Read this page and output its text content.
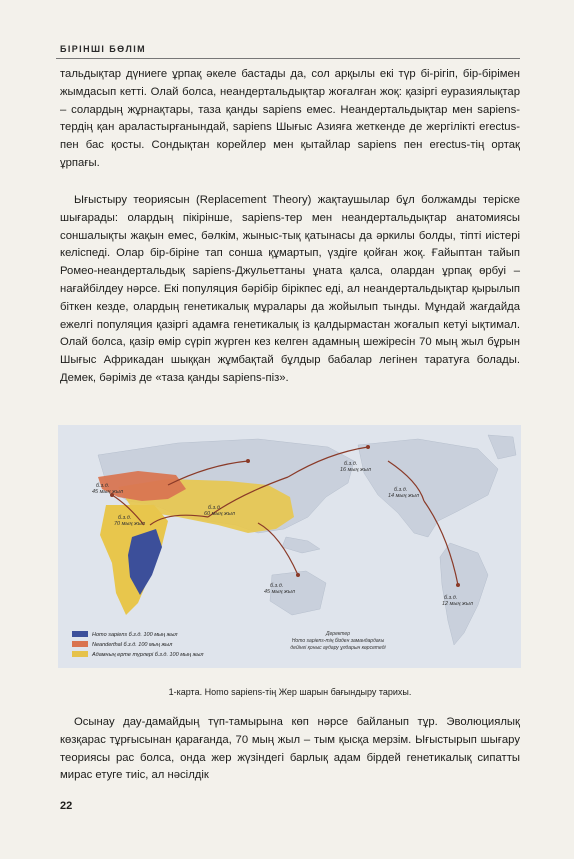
БІРІНШІ БӨЛІМ

тальдықтар дүниеге ұрпақ әкеле бастады да, сол арқылы екі түр бі-рігіп, бір-бірімен жымдасып кетті. Олай болса, неандертальдықтар жоғалған жоқ: қазіргі еуразиялықтар – солардың жұрнақтары, таза қанды sapiens емес. Неандертальдықтар мен sapiens-тердің қан араластырғанындай, sapiens Шығыс Азияға жеткенде де жергілікті erectus-пен бас қосты. Сондықтан корейлер мен қытайлар sapiens пен erectus-тің ортақ ұрпағы.

Ығыстыру теориясын (Replacement Theory) жақтаушылар бұл болжамды теріске шығарады: олардың пікірінше, sapiens-тер мен неандертальдықтар анатомиясы соншалықты жақын емес, бәлкім, жыныс-тық қатынасы да әркилы болды, тіпті иістері келіспеді. Олар бір-біріне тап сонша құмартып, үздіге қойған жоқ. Ғайыптан тайып Ромео-неандертальдық sapiens-Джульеттаны ұнатa қалса, олардан ұрпақ өрбуі – нағайбілдеу нәрсе. Екі популяция бәрібір бірікпес еді, ал неандертальдықтар қырылып біткен кезде, олардың генетикалық мұралары да жойылып тынды. Мұндай жағдайда ежелгі популяция қазіргі адамға генетикалық із қалдырмастан жоғалып кетуі ықтимал. Олай болса, қазір өмір сүріп жүрген кез келген адамның шежіресін 70 мың жыл бұрын Шығыс Африкадан шыққан жұмбақтай бұлдыр бабалар легінен таратуға болады. Демек, бәріміз де «таза қанды sapiens-піз».

б.з.д.
45 мың жыл
б.з.д.
70 мың жыл
б.з.д.
60 мың жыл
б.з.д.
16 мың жыл
б.з.д.
14 мың жыл
б.з.д.
45 мың жыл
б.з.д.
12 мың жыл
Homo sapiens б.з.д. 100 мың жыл
Neanderthal б.з.д. 100 мың жыл
Адамның ерте түрлері б.з.д. 100 мың жыл
Деректер
Homo sapiens-тің бізден замандардағы
дейінгі қоныс аудару ұлдарын көрсетеді
1-карта. Homo sapiens-тің Жер шарын бағындыру тарихы.

Осынау дау-дамайдың түп-тамырына көп нәрсе байланып тұр. Эволюциялық көзқарас тұрғысынан қарағанда, 70 мың жыл – тым қысқа мерзім. Ығыстырып шығару теориясы рас болса, онда жер жүзіндегі барлық адам бірдей генетикалық сипатты мирас етуге тиіс, ал нәсілдік

22
